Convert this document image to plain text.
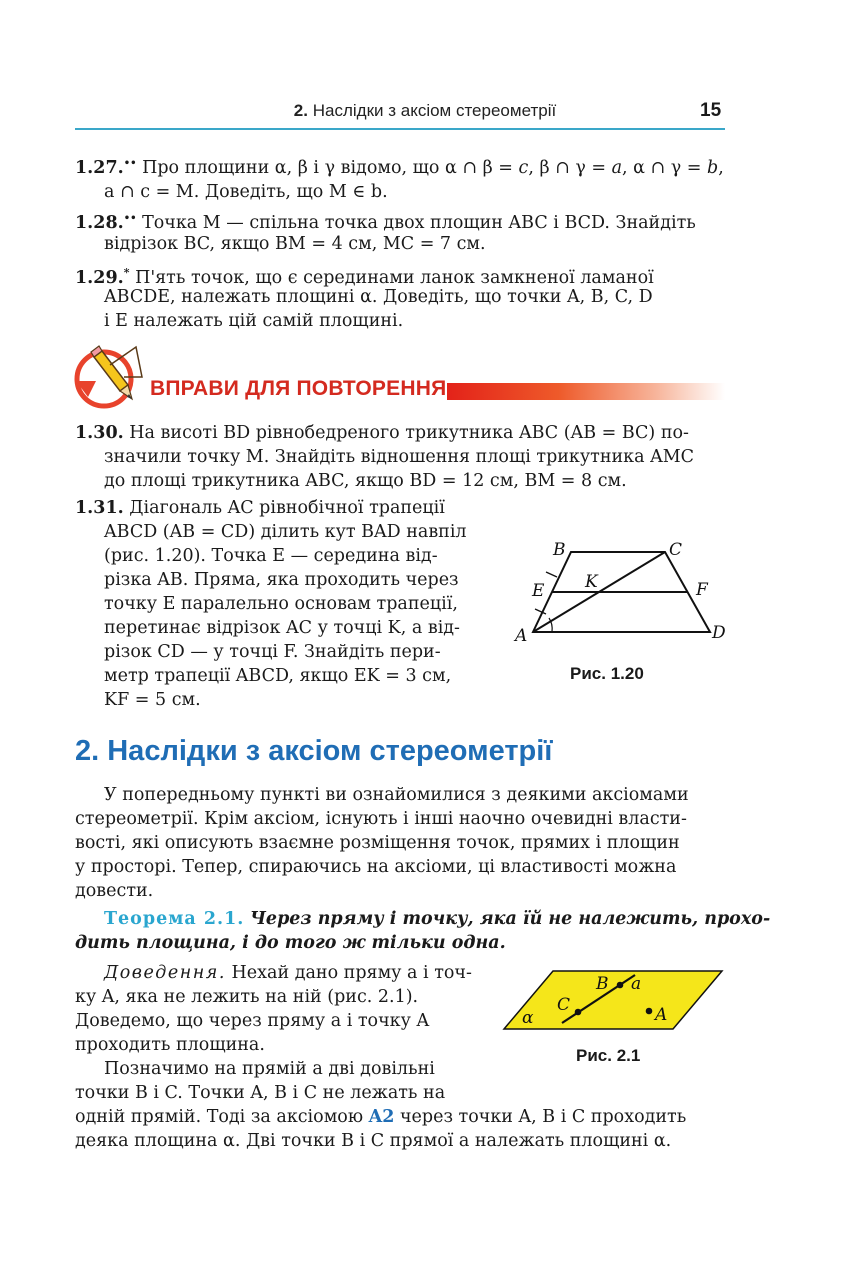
2. Наслідки з аксіом стереометрії	15
1.27.•• Про площини α, β і γ відомо, що α ∩ β = c, β ∩ γ = a, α ∩ γ = b,
a ∩ c = M. Доведіть, що M ∈ b.
1.28.•• Точка M — спільна точка двох площин ABC і BCD. Знайдіть
відрізок BC, якщо BM = 4 см, MC = 7 см.
1.29.* П'ять точок, що є серединами ланок замкненої ламаної
ABCDE, належать площині α. Доведіть, що точки A, B, C, D
і E належать цій самій площині.
ВПРАВИ ДЛЯ ПОВТОРЕННЯ
1.30. На висоті BD рівнобедреного трикутника ABC (AB = BC) по-
значили точку M. Знайдіть відношення площі трикутника AMC
до площі трикутника ABC, якщо BD = 12 см, BM = 8 см.
1.31. Діагональ AC рівнобічної трапеції
ABCD (AB = CD) ділить кут BAD навпіл
(рис. 1.20). Точка E — середина від-
різка AB. Пряма, яка проходить через
точку E паралельно основам трапеції,
перетинає відрізок AC у точці K, а від-
різок CD — у точці F. Знайдіть пери-
метр трапеції ABCD, якщо EK = 3 см,
KF = 5 см.
A
B	C
D
E	F
K
Рис. 1.20
2. Наслідки з аксіом стереометрії
У попередньому пункті ви ознайомилися з деякими аксіомами
стереометрії. Крім аксіом, існують і інші наочно очевидні власти-
вості, які описують взаємне розміщення точок, прямих і площин
у просторі. Тепер, спираючись на аксіоми, ці властивості можна
довести.
Теорема 2.1. Через пряму і точку, яка їй не належить, прохо-
дить площина, і до того ж тільки одна.
Доведення. Нехай дано пряму a і точ-
ку A, яка не лежить на ній (рис. 2.1).
Доведемо, що через пряму a і точку A
проходить площина.
Позначимо на прямій a дві довільні
точки B і C. Точки A, B і C не лежать на
одній прямій. Тоді за аксіомою A2 через точки A, B і C проходить
деяка площина α. Дві точки B і C прямої a належать площині α.
α
B a
C	A
Рис. 2.1
